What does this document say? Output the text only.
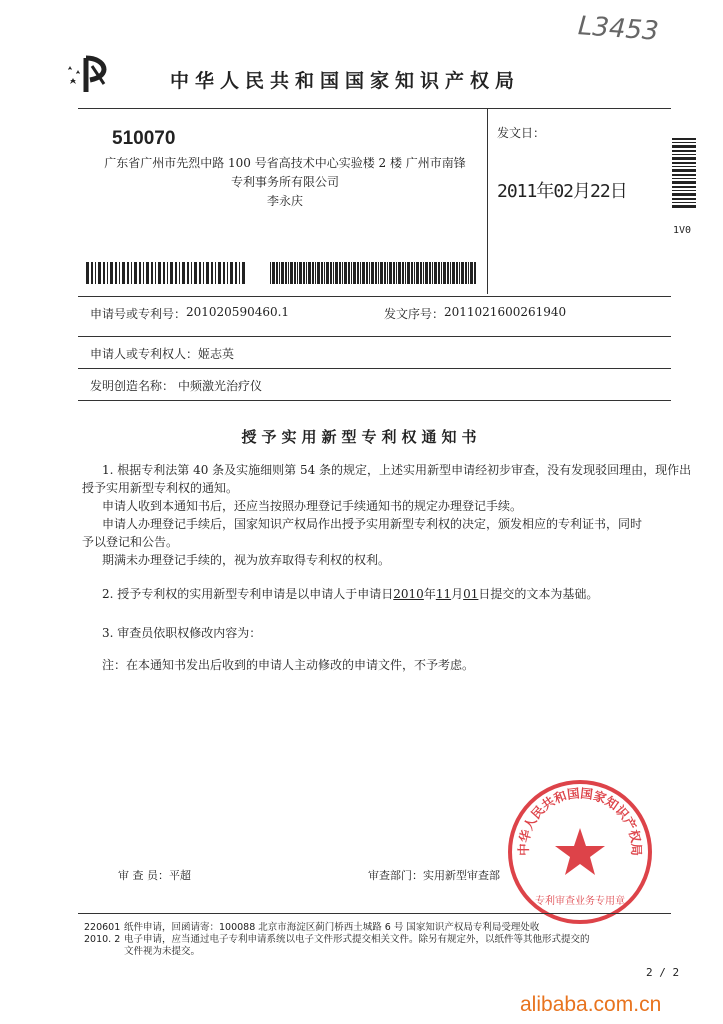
L3453
中华人民共和国国家知识产权局
510070
广东省广州市先烈中路 100 号省高技术中心实验楼 2 楼 广州市南锋
专利事务所有限公司
李永庆
发文日：
2011年02月22日
1V0
申请号或专利号： 201020590460.1	发文序号： 2011021600261940
申请人或专利权人： 姬志英
发明创造名称： 中频激光治疗仪
授予实用新型专利权通知书
1. 根据专利法第 40 条及实施细则第 54 条的规定，上述实用新型申请经初步审查，没有发现驳回理由，现作出
授予实用新型专利权的通知。
申请人收到本通知书后，还应当按照办理登记手续通知书的规定办理登记手续。
申请人办理登记手续后，国家知识产权局作出授予实用新型专利权的决定，颁发相应的专利证书，同时
予以登记和公告。
期满未办理登记手续的，视为放弃取得专利权的权利。
2. 授予专利权的实用新型专利申请是以申请人于申请日2010年11月01日提交的文本为基础。
3. 审查员依职权修改内容为：
注：在本通知书发出后收到的申请人主动修改的申请文件，不予考虑。
审 查 员：平超	审查部门：实用新型审查部
中华人民共和国国家知识产权局
专利审查业务专用章
220601 纸件申请，回函请寄：100088 北京市海淀区蓟门桥西土城路 6 号 国家知识产权局专利局受理处收
2010. 2 电子申请，应当通过电子专利申请系统以电子文件形式提交相关文件。除另有规定外，以纸件等其他形式提交的
文件视为未提交。
2 / 2
alibaba.com.cn
